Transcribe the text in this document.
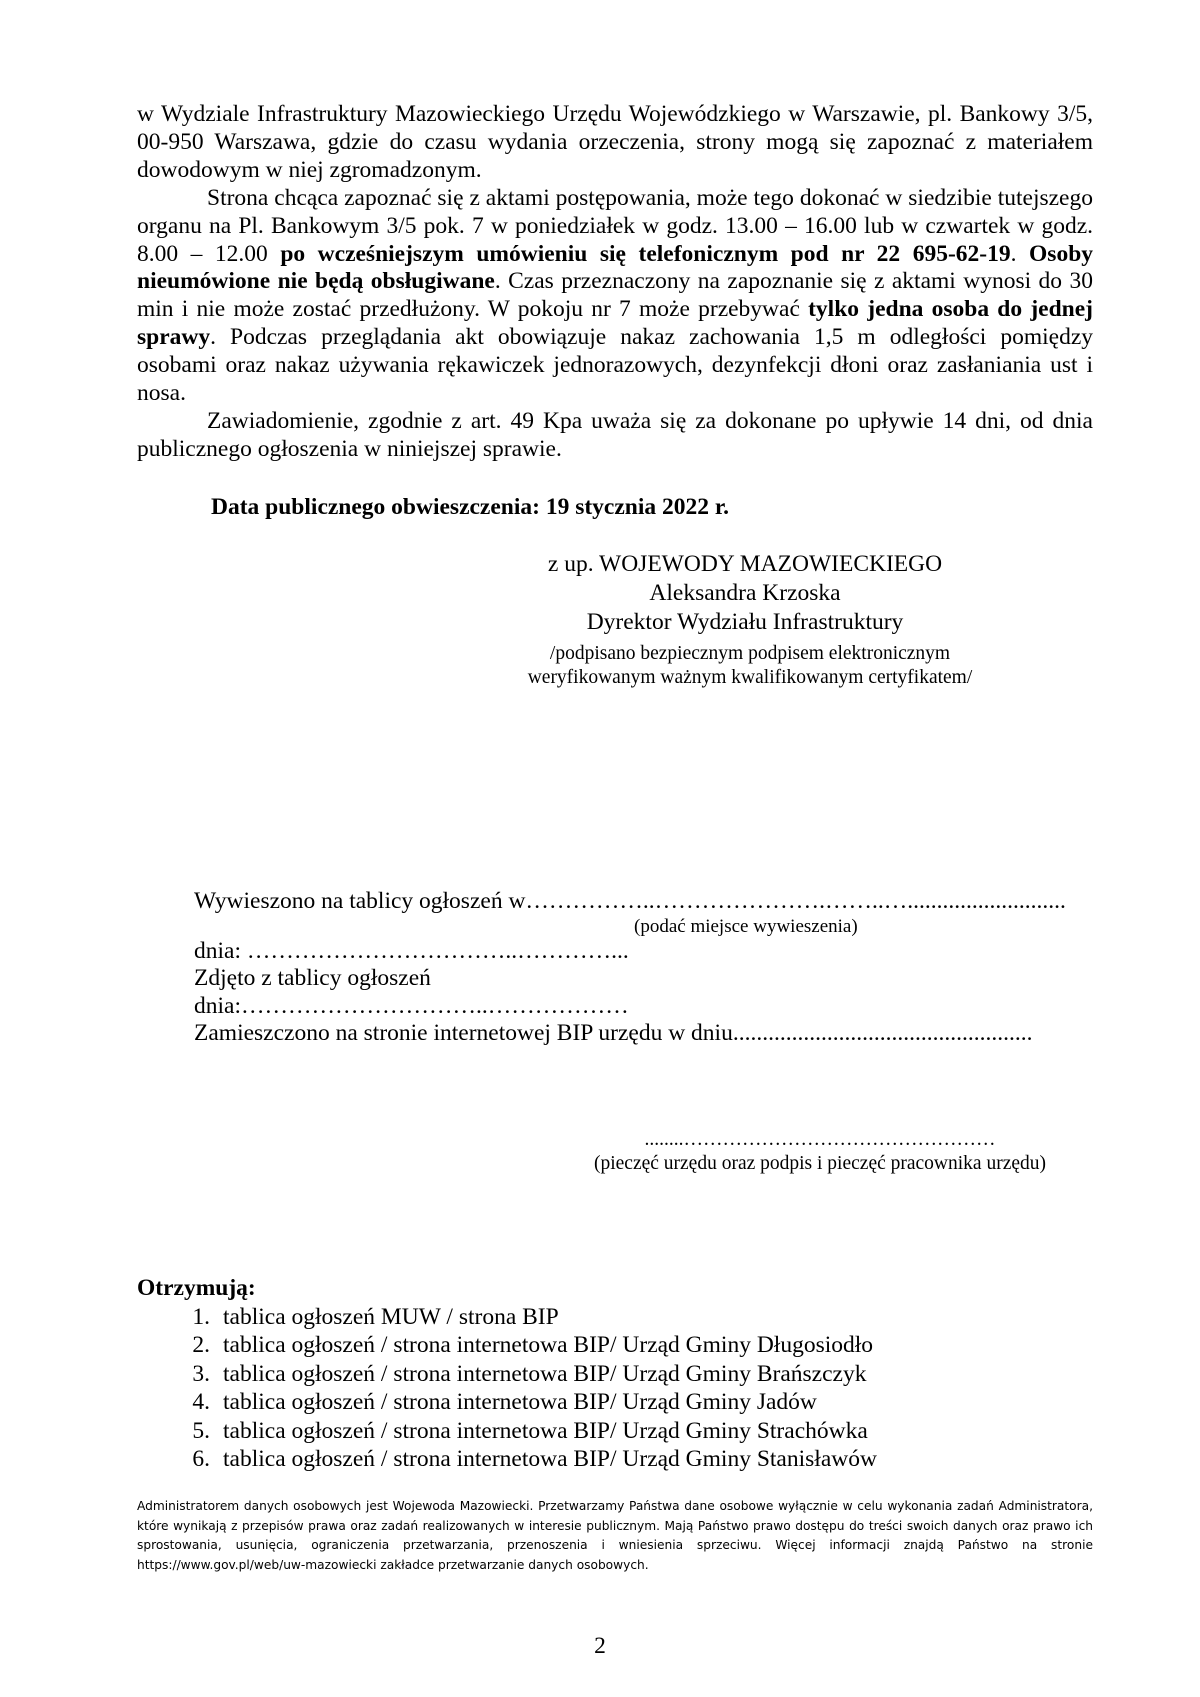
w Wydziale Infrastruktury Mazowieckiego Urzędu Wojewódzkiego w Warszawie, pl. Bankowy 3/5, 00-950 Warszawa, gdzie do czasu wydania orzeczenia, strony mogą się zapoznać z materiałem dowodowym w niej zgromadzonym.

Strona chcąca zapoznać się z aktami postępowania, może tego dokonać w siedzibie tutejszego organu na Pl. Bankowym 3/5 pok. 7 w poniedziałek w godz. 13.00 – 16.00 lub w czwartek w godz. 8.00 – 12.00 po wcześniejszym umówieniu się telefonicznym pod nr 22 695-62-19. Osoby nieumówione nie będą obsługiwane. Czas przeznaczony na zapoznanie się z aktami wynosi do 30 min i nie może zostać przedłużony. W pokoju nr 7 może przebywać tylko jedna osoba do jednej sprawy. Podczas przeglądania akt obowiązuje nakaz zachowania 1,5 m odległości pomiędzy osobami oraz nakaz używania rękawiczek jednorazowych, dezynfekcji dłoni oraz zasłaniania ust i nosa.

Zawiadomienie, zgodnie z art. 49 Kpa uważa się za dokonane po upływie 14 dni, od dnia publicznego ogłoszenia w niniejszej sprawie.

Data publicznego obwieszczenia: 19 stycznia 2022 r.
z up. WOJEWODY MAZOWIECKIEGO
Aleksandra Krzoska
Dyrektor Wydziału Infrastruktury
/podpisano bezpiecznym podpisem elektronicznym
weryfikowanym ważnym kwalifikowanym certyfikatem/
Wywieszono na tablicy ogłoszeń w……………..………………….……..…...........................
(podać miejsce wywieszenia)
dnia: ……………………………..…………...
Zdjęto z tablicy ogłoszeń
dnia:…………………………..………………
Zamieszczono na stronie internetowej BIP urzędu w dniu...................................................
........…………………………………………
(pieczęć urzędu oraz podpis i pieczęć pracownika urzędu)
Otrzymują:
1. tablica ogłoszeń MUW / strona BIP
2. tablica ogłoszeń / strona internetowa BIP/ Urząd Gminy Długosiodło
3. tablica ogłoszeń / strona internetowa BIP/ Urząd Gminy Brańszczyk
4. tablica ogłoszeń / strona internetowa BIP/ Urząd Gminy Jadów
5. tablica ogłoszeń / strona internetowa BIP/ Urząd Gminy Strachówka
6. tablica ogłoszeń / strona internetowa BIP/ Urząd Gminy Stanisławów
Administratorem danych osobowych jest Wojewoda Mazowiecki. Przetwarzamy Państwa dane osobowe wyłącznie w celu wykonania zadań Administratora, które wynikają z przepisów prawa oraz zadań realizowanych w interesie publicznym. Mają Państwo prawo dostępu do treści swoich danych oraz prawo ich sprostowania, usunięcia, ograniczenia przetwarzania, przenoszenia i wniesienia sprzeciwu. Więcej informacji znajdą Państwo na stronie https://www.gov.pl/web/uw-mazowiecki zakładce przetwarzanie danych osobowych.
2
